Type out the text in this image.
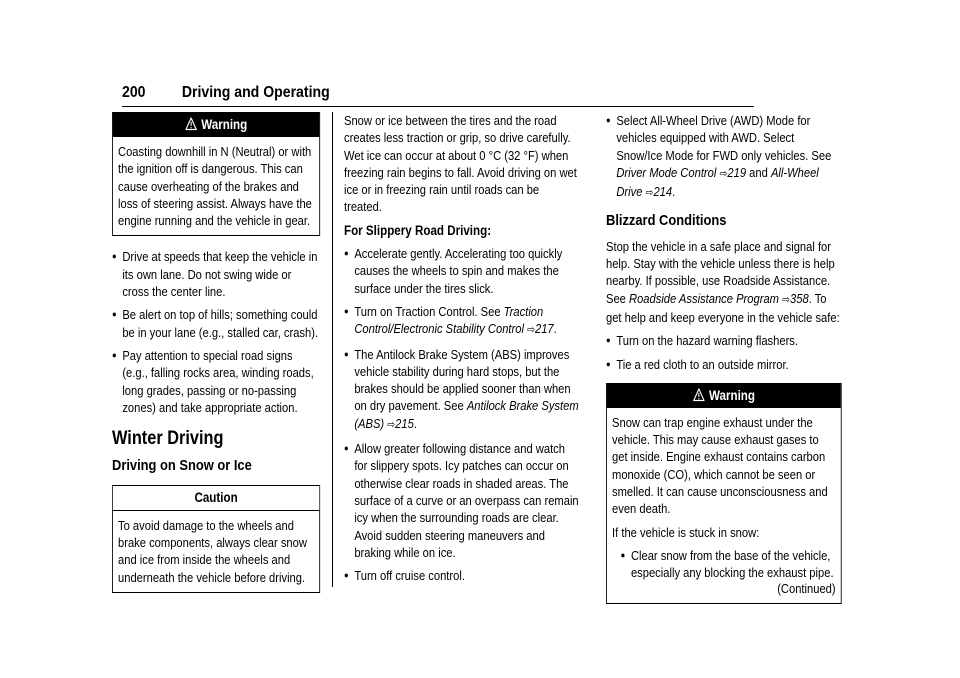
200 Driving and Operating
Warning

Coasting downhill in N (Neutral) or with the ignition off is dangerous. This can cause overheating of the brakes and loss of steering assist. Always have the engine running and the vehicle in gear.

● Drive at speeds that keep the vehicle in its own lane. Do not swing wide or cross the center line.
● Be alert on top of hills; something could be in your lane (e.g., stalled car, crash).
● Pay attention to special road signs (e.g., falling rocks area, winding roads, long grades, passing or no-passing zones) and take appropriate action.
Winter Driving
Driving on Snow or Ice
Caution

To avoid damage to the wheels and brake components, always clear snow and ice from inside the wheels and underneath the vehicle before driving.

Snow or ice between the tires and the road creates less traction or grip, so drive carefully. Wet ice can occur at about 0 °C (32 °F) when freezing rain begins to fall. Avoid driving on wet ice or in freezing rain until roads can be treated.

For Slippery Road Driving:
● Accelerate gently. Accelerating too quickly causes the wheels to spin and makes the surface under the tires slick.
● Turn on Traction Control. See Traction Control/Electronic Stability Control ⇨217.
● The Antilock Brake System (ABS) improves vehicle stability during hard stops, but the brakes should be applied sooner than when on dry pavement. See Antilock Brake System (ABS) ⇨215.
● Allow greater following distance and watch for slippery spots. Icy patches can occur on otherwise clear roads in shaded areas. The surface of a curve or an overpass can remain icy when the surrounding roads are clear. Avoid sudden steering maneuvers and braking while on ice.
● Turn off cruise control.
● Select All-Wheel Drive (AWD) Mode for vehicles equipped with AWD. Select Snow/Ice Mode for FWD only vehicles. See Driver Mode Control ⇨219 and All-Wheel Drive ⇨214.
Blizzard Conditions

Stop the vehicle in a safe place and signal for help. Stay with the vehicle unless there is help nearby. If possible, use Roadside Assistance. See Roadside Assistance Program ⇨358. To get help and keep everyone in the vehicle safe:

● Turn on the hazard warning flashers.
● Tie a red cloth to an outside mirror.
Warning

Snow can trap engine exhaust under the vehicle. This may cause exhaust gases to get inside. Engine exhaust contains carbon monoxide (CO), which cannot be seen or smelled. It can cause unconsciousness and even death.

If the vehicle is stuck in snow:

● Clear snow from the base of the vehicle, especially any blocking the exhaust pipe.
(Continued)
